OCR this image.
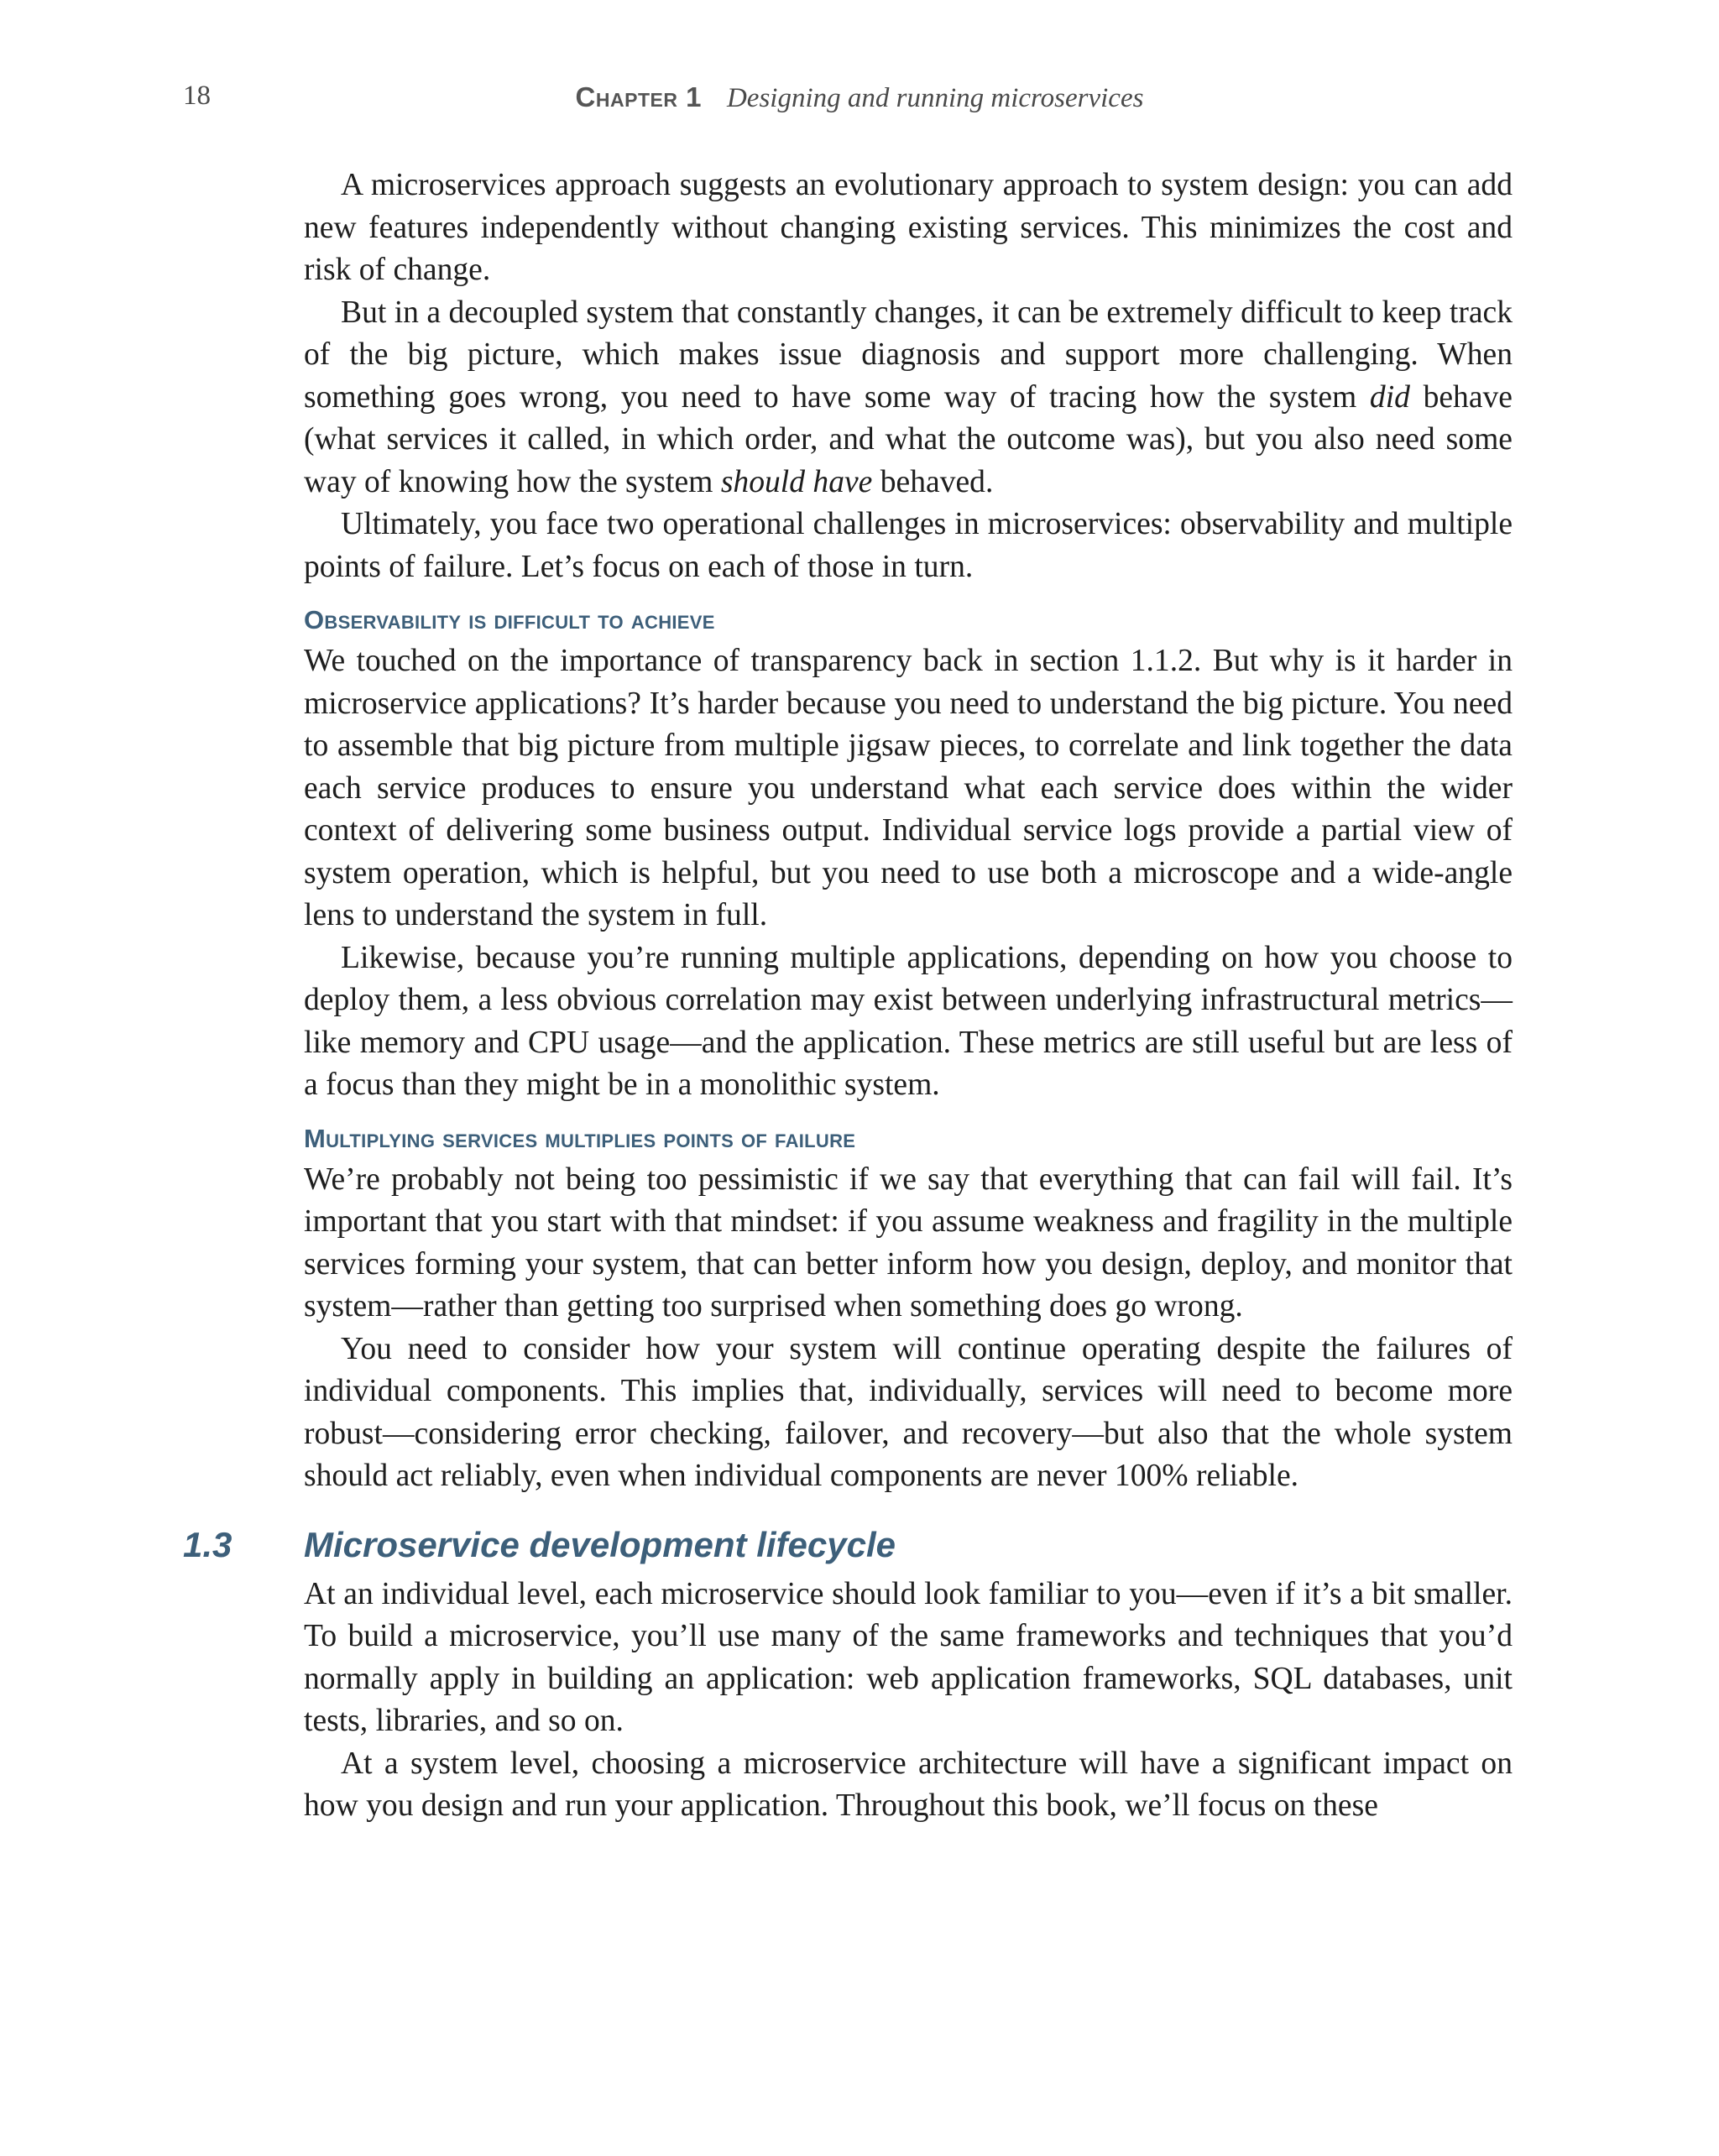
18	Chapter 1 Designing and running microservices

A microservices approach suggests an evolutionary approach to system design: you can add new features independently without changing existing services. This minimizes the cost and risk of change.

But in a decoupled system that constantly changes, it can be extremely difficult to keep track of the big picture, which makes issue diagnosis and support more challenging. When something goes wrong, you need to have some way of tracing how the system did behave (what services it called, in which order, and what the outcome was), but you also need some way of knowing how the system should have behaved.

Ultimately, you face two operational challenges in microservices: observability and multiple points of failure. Let’s focus on each of those in turn.

Observability is difficult to achieve

We touched on the importance of transparency back in section 1.1.2. But why is it harder in microservice applications? It’s harder because you need to understand the big picture. You need to assemble that big picture from multiple jigsaw pieces, to correlate and link together the data each service produces to ensure you understand what each service does within the wider context of delivering some business output. Individual service logs provide a partial view of system operation, which is helpful, but you need to use both a microscope and a wide-angle lens to understand the system in full.

Likewise, because you’re running multiple applications, depending on how you choose to deploy them, a less obvious correlation may exist between underlying infrastructural metrics—like memory and CPU usage—and the application. These metrics are still useful but are less of a focus than they might be in a monolithic system.

Multiplying services multiplies points of failure

We’re probably not being too pessimistic if we say that everything that can fail will fail. It’s important that you start with that mindset: if you assume weakness and fragility in the multiple services forming your system, that can better inform how you design, deploy, and monitor that system—rather than getting too surprised when something does go wrong.

You need to consider how your system will continue operating despite the failures of individual components. This implies that, individually, services will need to become more robust—considering error checking, failover, and recovery—but also that the whole system should act reliably, even when individual components are never 100% reliable.

1.3 Microservice development lifecycle

At an individual level, each microservice should look familiar to you—even if it’s a bit smaller. To build a microservice, you’ll use many of the same frameworks and techniques that you’d normally apply in building an application: web application frameworks, SQL databases, unit tests, libraries, and so on.

At a system level, choosing a microservice architecture will have a significant impact on how you design and run your application. Throughout this book, we’ll focus on these
